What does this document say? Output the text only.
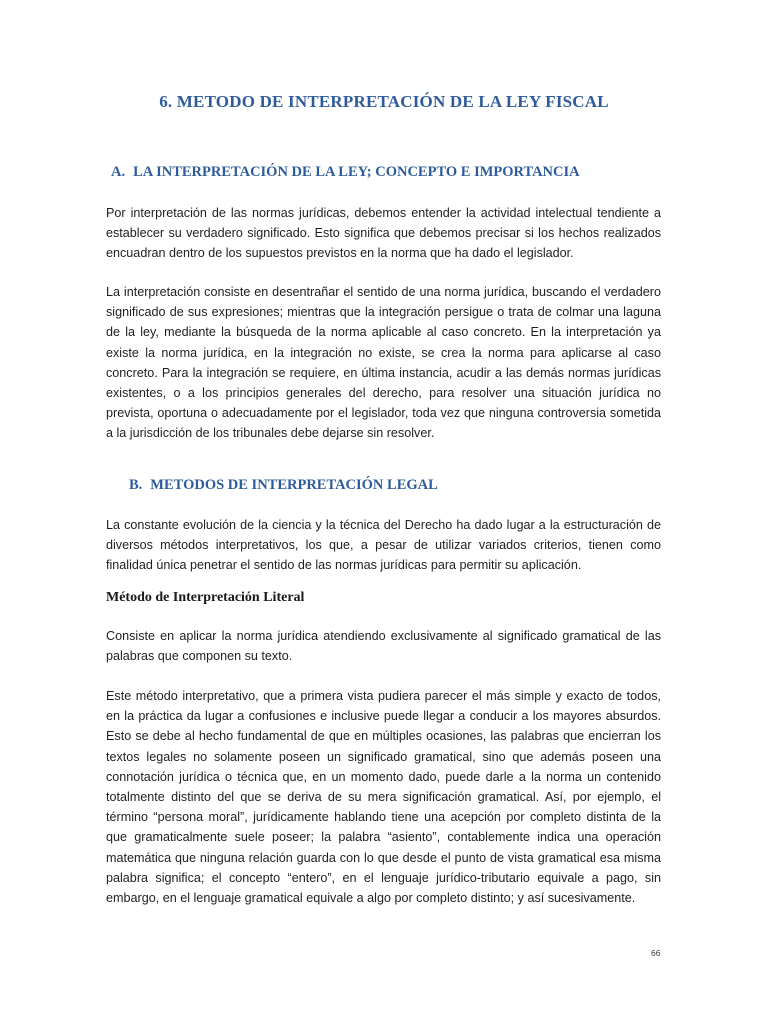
6. METODO DE INTERPRETACIÓN DE LA LEY FISCAL
A. LA INTERPRETACIÓN DE LA LEY; CONCEPTO E IMPORTANCIA

Por interpretación de las normas jurídicas, debemos entender la actividad intelectual tendiente a establecer su verdadero significado. Esto significa que debemos precisar si los hechos realizados encuadran dentro de los supuestos previstos en la norma que ha dado el legislador.

La interpretación consiste en desentrañar el sentido de una norma jurídica, buscando el verdadero significado de sus expresiones; mientras que la integración persigue o trata de colmar una laguna de la ley, mediante la búsqueda de la norma aplicable al caso concreto. En la interpretación ya existe la norma jurídica, en la integración no existe, se crea la norma para aplicarse al caso concreto. Para la integración se requiere, en última instancia, acudir a las demás normas jurídicas existentes, o a los principios generales del derecho, para resolver una situación jurídica no prevista, oportuna o adecuadamente por el legislador, toda vez que ninguna controversia sometida a la jurisdicción de los tribunales debe dejarse sin resolver.

B. METODOS DE INTERPRETACIÓN LEGAL

La constante evolución de la ciencia y la técnica del Derecho ha dado lugar a la estructuración de diversos métodos interpretativos, los que, a pesar de utilizar variados criterios, tienen como finalidad única penetrar el sentido de las normas jurídicas para permitir su aplicación.

Método de Interpretación Literal

Consiste en aplicar la norma jurídica atendiendo exclusivamente al significado gramatical de las palabras que componen su texto.

Este método interpretativo, que a primera vista pudiera parecer el más simple y exacto de todos, en la práctica da lugar a confusiones e inclusive puede llegar a conducir a los mayores absurdos. Esto se debe al hecho fundamental de que en múltiples ocasiones, las palabras que encierran los textos legales no solamente poseen un significado gramatical, sino que además poseen una connotación jurídica o técnica que, en un momento dado, puede darle a la norma un contenido totalmente distinto del que se deriva de su mera significación gramatical. Así, por ejemplo, el término “persona moral”, jurídicamente hablando tiene una acepción por completo distinta de la que gramaticalmente suele poseer; la palabra “asiento”, contablemente indica una operación matemática que ninguna relación guarda con lo que desde el punto de vista gramatical esa misma palabra significa; el concepto “entero”, en el lenguaje jurídico-tributario equivale a pago, sin embargo, en el lenguaje gramatical equivale a algo por completo distinto; y así sucesivamente.

66
